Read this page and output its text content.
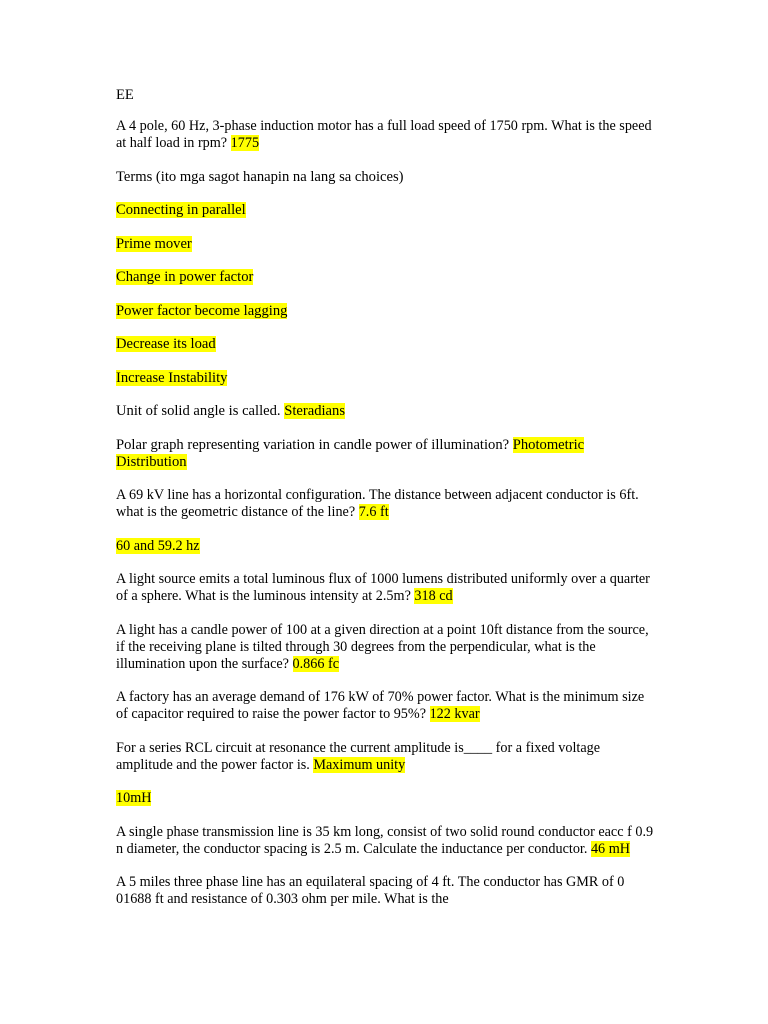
EE

A 4 pole, 60 Hz, 3-phase induction motor has a full load speed of 1750 rpm. What is the speed at half load in rpm? 1775

Terms (ito mga sagot hanapin na lang sa choices)

Connecting in parallel

Prime mover

Change in power factor

Power factor become lagging

Decrease its load

Increase Instability

Unit of solid angle is called. Steradians

Polar graph representing variation in candle power of illumination? Photometric Distribution

A 69 kV line has a horizontal configuration. The distance between adjacent conductor is 6ft. what is the geometric distance of the line? 7.6 ft

60 and 59.2 hz

A light source emits a total luminous flux of 1000 lumens distributed uniformly over a quarter of a sphere. What is the luminous intensity at 2.5m? 318 cd

A light has a candle power of 100 at a given direction at a point 10ft distance from the source, if the receiving plane is tilted through 30 degrees from the perpendicular, what is the illumination upon the surface? 0.866 fc

A factory has an average demand of 176 kW of 70% power factor. What is the minimum size of capacitor required to raise the power factor to 95%? 122 kvar

For a series RCL circuit at resonance the current amplitude is____ for a fixed voltage amplitude and the power factor is. Maximum unity

10mH

A single phase transmission line is 35 km long, consist of two solid round conductor eacc f 0.9 n diameter, the conductor spacing is 2.5 m. Calculate the inductance per conductor. 46 mH

A 5 miles three phase line has an equilateral spacing of 4 ft. The conductor has GMR of 0 01688 ft and resistance of 0.303 ohm per mile. What is the
